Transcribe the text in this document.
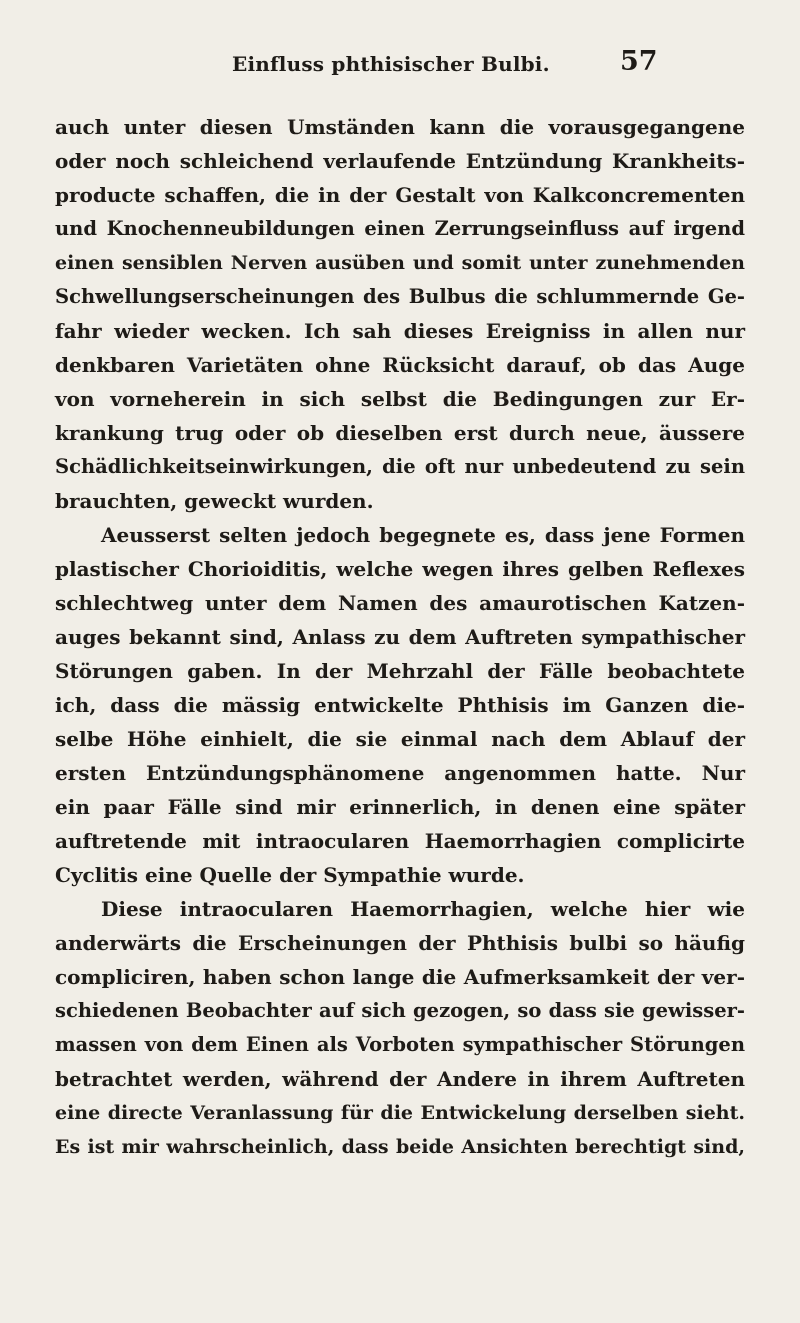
Einfluss phthisischer Bulbi.	57
auch unter diesen Umständen kann die vorausgegangene
oder noch schleichend verlaufende Entzündung Krankheits-
producte schaffen, die in der Gestalt von Kalkconcrementen
und Knochenneubildungen einen Zerrungseinfluss auf irgend
einen sensiblen Nerven ausüben und somit unter zunehmenden
Schwellungserscheinungen des Bulbus die schlummernde Ge-
fahr wieder wecken. Ich sah dieses Ereigniss in allen nur
denkbaren Varietäten ohne Rücksicht darauf, ob das Auge
von vorneherein in sich selbst die Bedingungen zur Er-
krankung trug oder ob dieselben erst durch neue, äussere
Schädlichkeitseinwirkungen, die oft nur unbedeutend zu sein
brauchten, geweckt wurden.
Aeusserst selten jedoch begegnete es, dass jene Formen
plastischer Chorioiditis, welche wegen ihres gelben Reflexes
schlechtweg unter dem Namen des amaurotischen Katzen-
auges bekannt sind, Anlass zu dem Auftreten sympathischer
Störungen gaben. In der Mehrzahl der Fälle beobachtete
ich, dass die mässig entwickelte Phthisis im Ganzen die-
selbe Höhe einhielt, die sie einmal nach dem Ablauf der
ersten Entzündungsphänomene angenommen hatte. Nur
ein paar Fälle sind mir erinnerlich, in denen eine später
auftretende mit intraocularen Haemorrhagien complicirte
Cyclitis eine Quelle der Sympathie wurde.
Diese intraocularen Haemorrhagien, welche hier wie
anderwärts die Erscheinungen der Phthisis bulbi so häufig
compliciren, haben schon lange die Aufmerksamkeit der ver-
schiedenen Beobachter auf sich gezogen, so dass sie gewisser-
massen von dem Einen als Vorboten sympathischer Störungen
betrachtet werden, während der Andere in ihrem Auftreten
eine directe Veranlassung für die Entwickelung derselben sieht.
Es ist mir wahrscheinlich, dass beide Ansichten berechtigt sind,
